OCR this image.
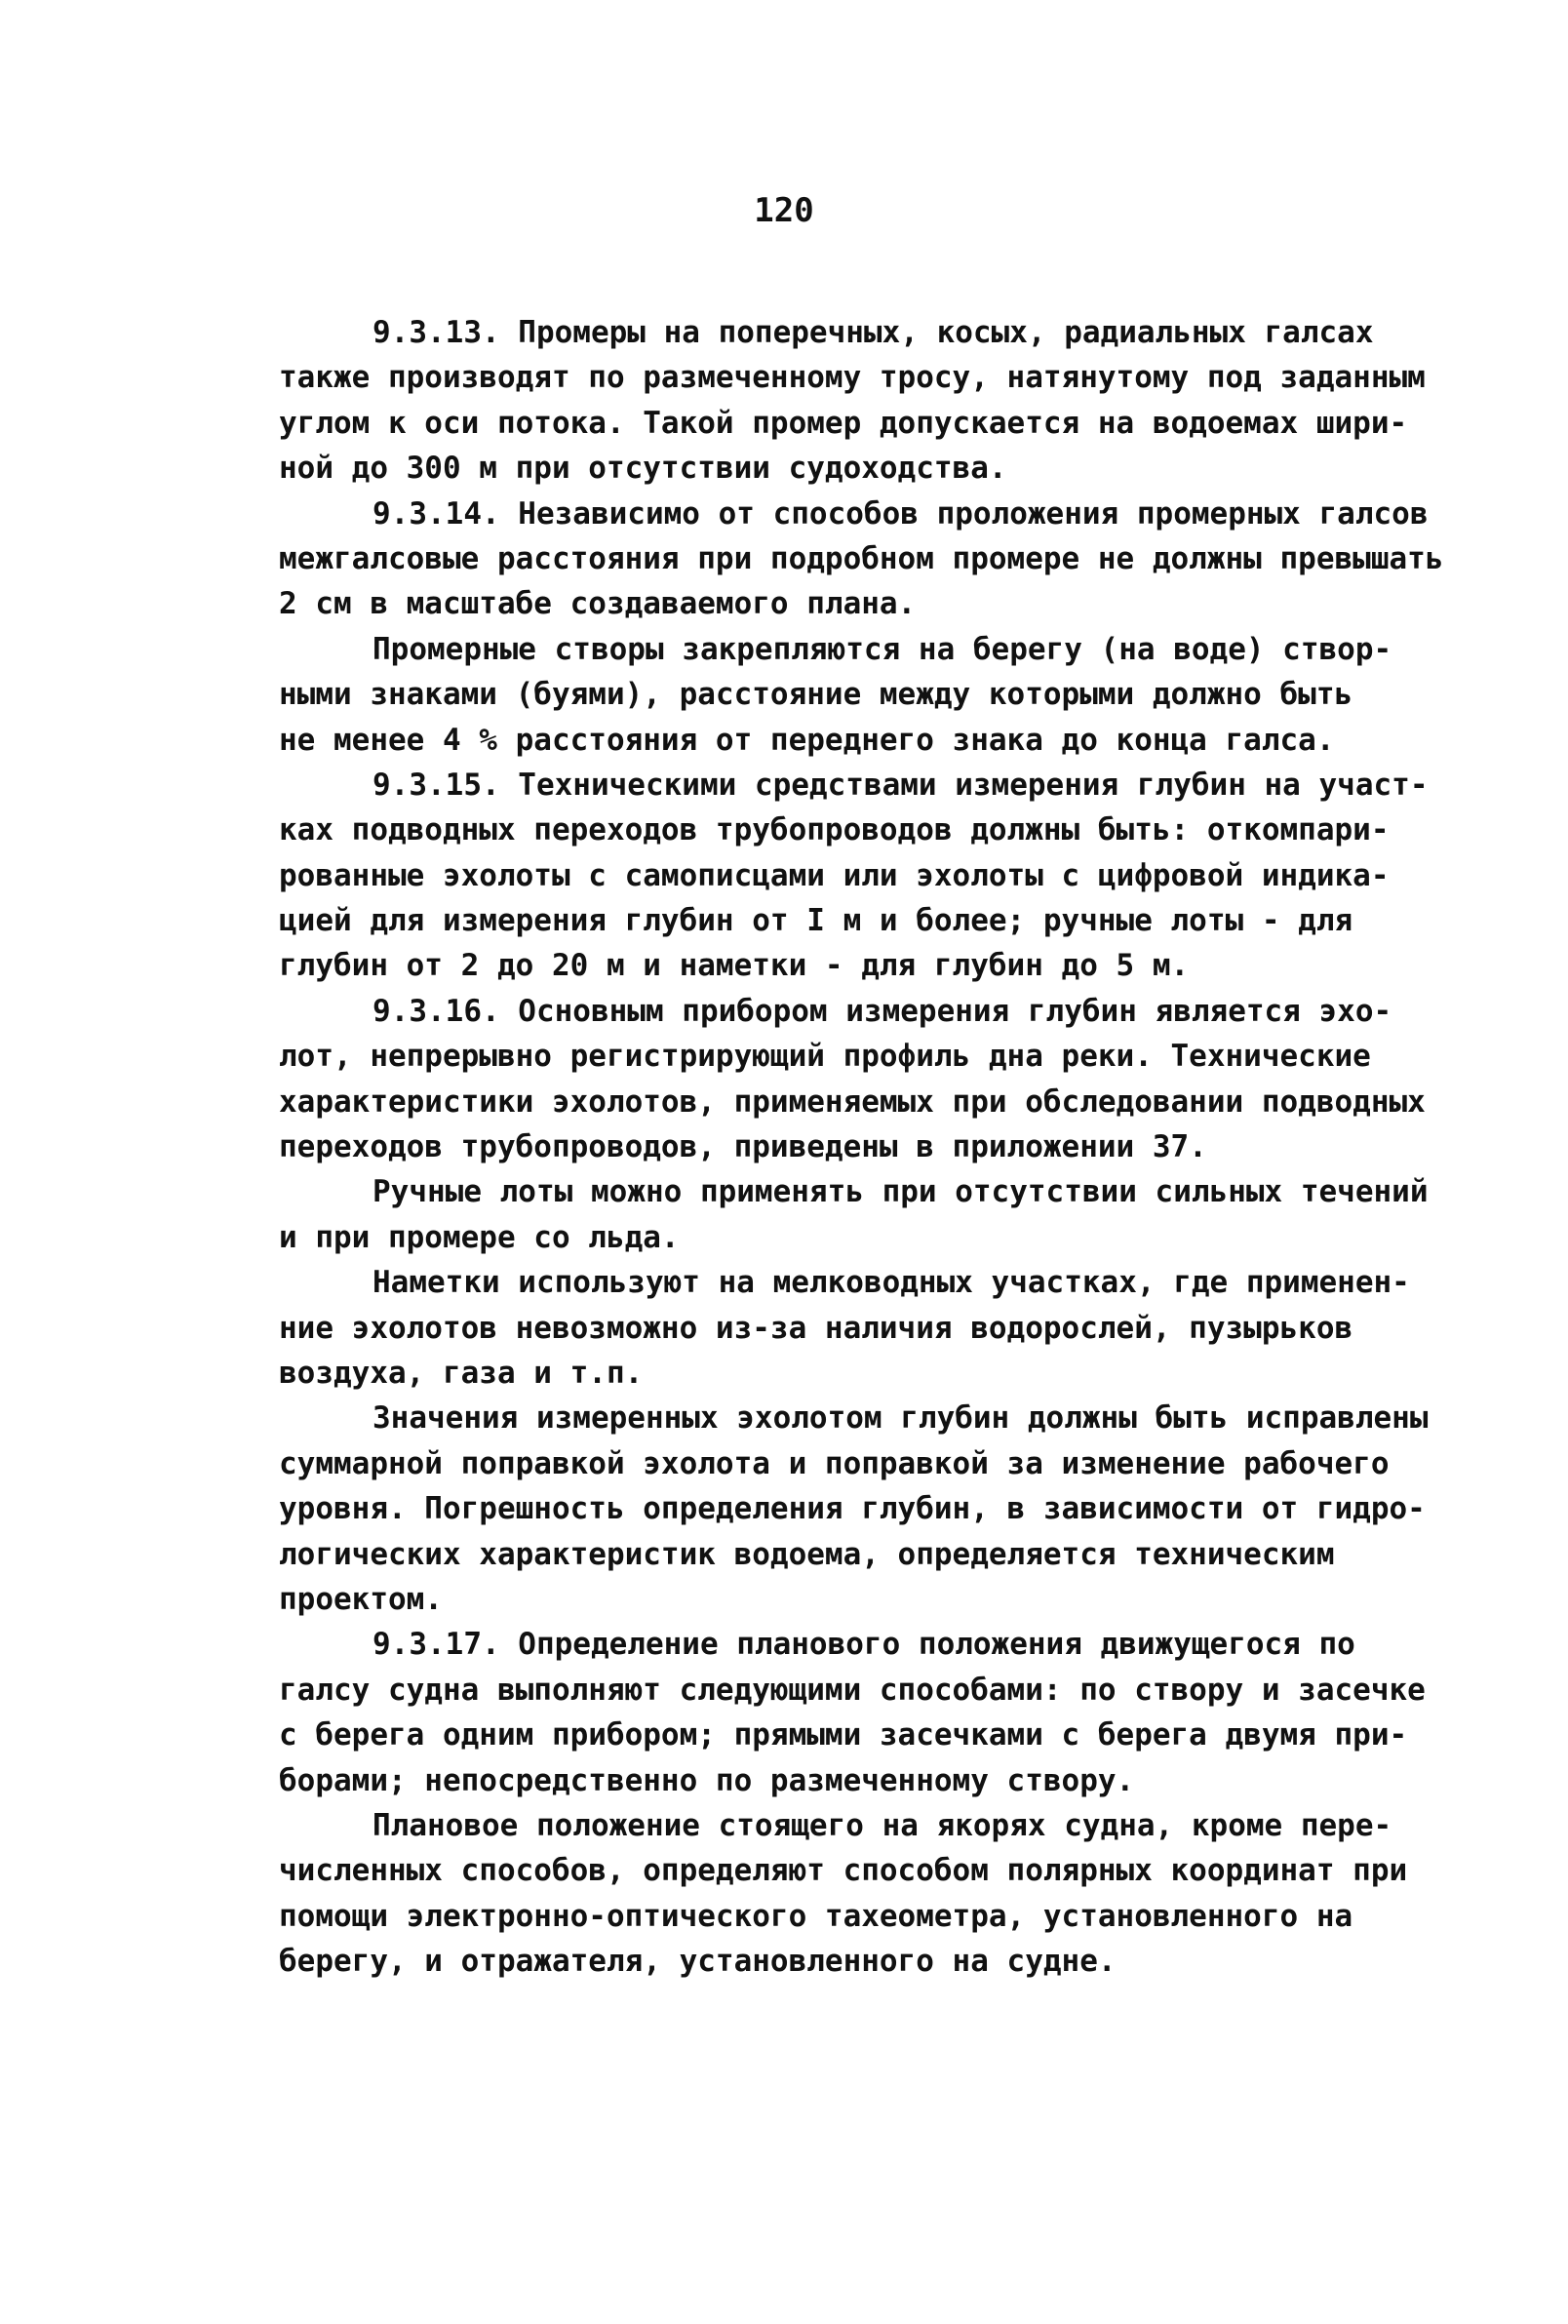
120
9.3.13. Промеры на поперечных, косых, радиальных галсах
также производят по размеченному тросу, натянутому под заданным
углом к оси потока. Такой промер допускается на водоемах шири-
ной до 300 м при отсутствии судоходства.
9.3.14. Независимо от способов проложения промерных галсов
межгалсовые расстояния при подробном промере не должны превышать
2 см в масштабе создаваемого плана.
Промерные створы закрепляются на берегу (на воде) створ-
ными знаками (буями), расстояние между которыми должно быть
не менее 4 % расстояния от переднего знака до конца галса.
9.3.15. Техническими средствами измерения глубин на участ-
ках подводных переходов трубопроводов должны быть: откомпари-
рованные эхолоты с самописцами или эхолоты с цифровой индика-
цией для измерения глубин от I м и более; ручные лоты - для
глубин от 2 до 20 м и наметки - для глубин до 5 м.
9.3.16. Основным прибором измерения глубин является эхо-
лот, непрерывно регистрирующий профиль дна реки. Технические
характеристики эхолотов, применяемых при обследовании подводных
переходов трубопроводов, приведены в приложении 37.
Ручные лоты можно применять при отсутствии сильных течений
и при промере со льда.
Наметки используют на мелководных участках, где применен-
ние эхолотов невозможно из-за наличия водорослей, пузырьков
воздуха, газа и т.п.
Значения измеренных эхолотом глубин должны быть исправлены
суммарной поправкой эхолота и поправкой за изменение рабочего
уровня. Погрешность определения глубин, в зависимости от гидро-
логических характеристик водоема, определяется техническим
проектом.
9.3.17. Определение планового положения движущегося по
галсу судна выполняют следующими способами: по створу и засечке
с берега одним прибором; прямыми засечками с берега двумя при-
борами; непосредственно по размеченному створу.
Плановое положение стоящего на якорях судна, кроме пере-
численных способов, определяют способом полярных координат при
помощи электронно-оптического тахеометра, установленного на
берегу, и отражателя, установленного на судне.
